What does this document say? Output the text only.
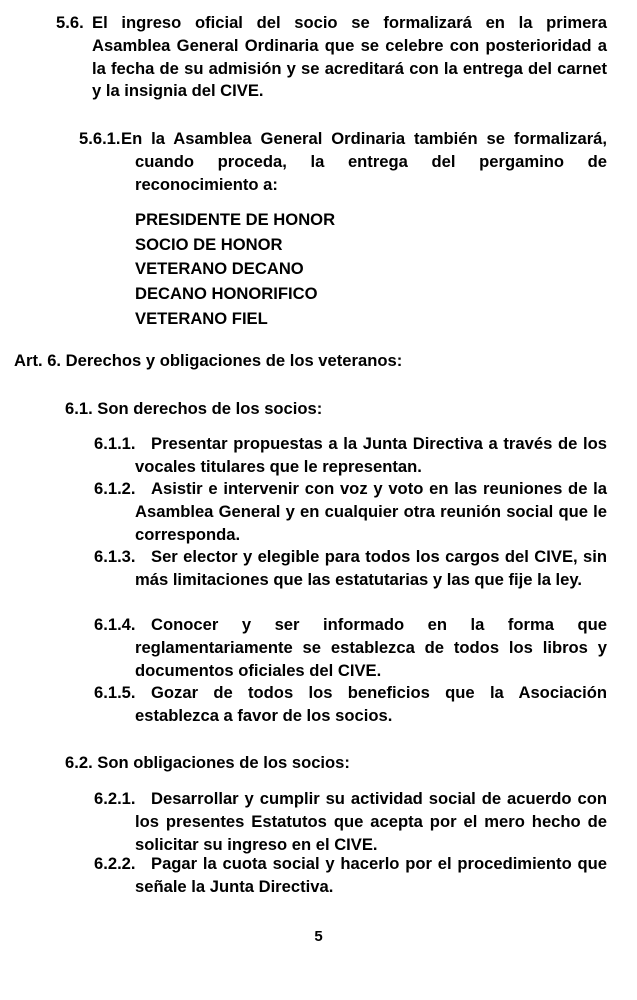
5.6. El ingreso oficial del socio se formalizará en la primera Asamblea General Ordinaria que se celebre con posterioridad a la fecha de su admisión y se acreditará con la entrega del carnet y la insignia del CIVE.
5.6.1. En la Asamblea General Ordinaria también se formalizará, cuando proceda, la entrega del pergamino de reconocimiento a:
PRESIDENTE DE HONOR
SOCIO DE HONOR
VETERANO DECANO
DECANO HONORIFICO
VETERANO FIEL
Art. 6. Derechos y obligaciones de los veteranos:
6.1. Son derechos de los socios:
6.1.1. Presentar propuestas a la Junta Directiva a través de los vocales titulares que le representan.
6.1.2. Asistir e intervenir con voz y voto en las reuniones de la Asamblea General y en cualquier otra reunión social que le corresponda.
6.1.3. Ser elector y elegible para todos los cargos del CIVE, sin más limitaciones que las estatutarias y las que fije la ley.
6.1.4. Conocer y ser informado en la forma que reglamentariamente se establezca de todos los libros y documentos oficiales del CIVE.
6.1.5. Gozar de todos los beneficios que la Asociación establezca a favor de los socios.
6.2. Son obligaciones de los socios:
6.2.1. Desarrollar y cumplir su actividad social de acuerdo con los presentes Estatutos que acepta por el mero hecho de solicitar su ingreso en el CIVE.
6.2.2. Pagar la cuota social y hacerlo por el procedimiento que señale la Junta Directiva.
5
